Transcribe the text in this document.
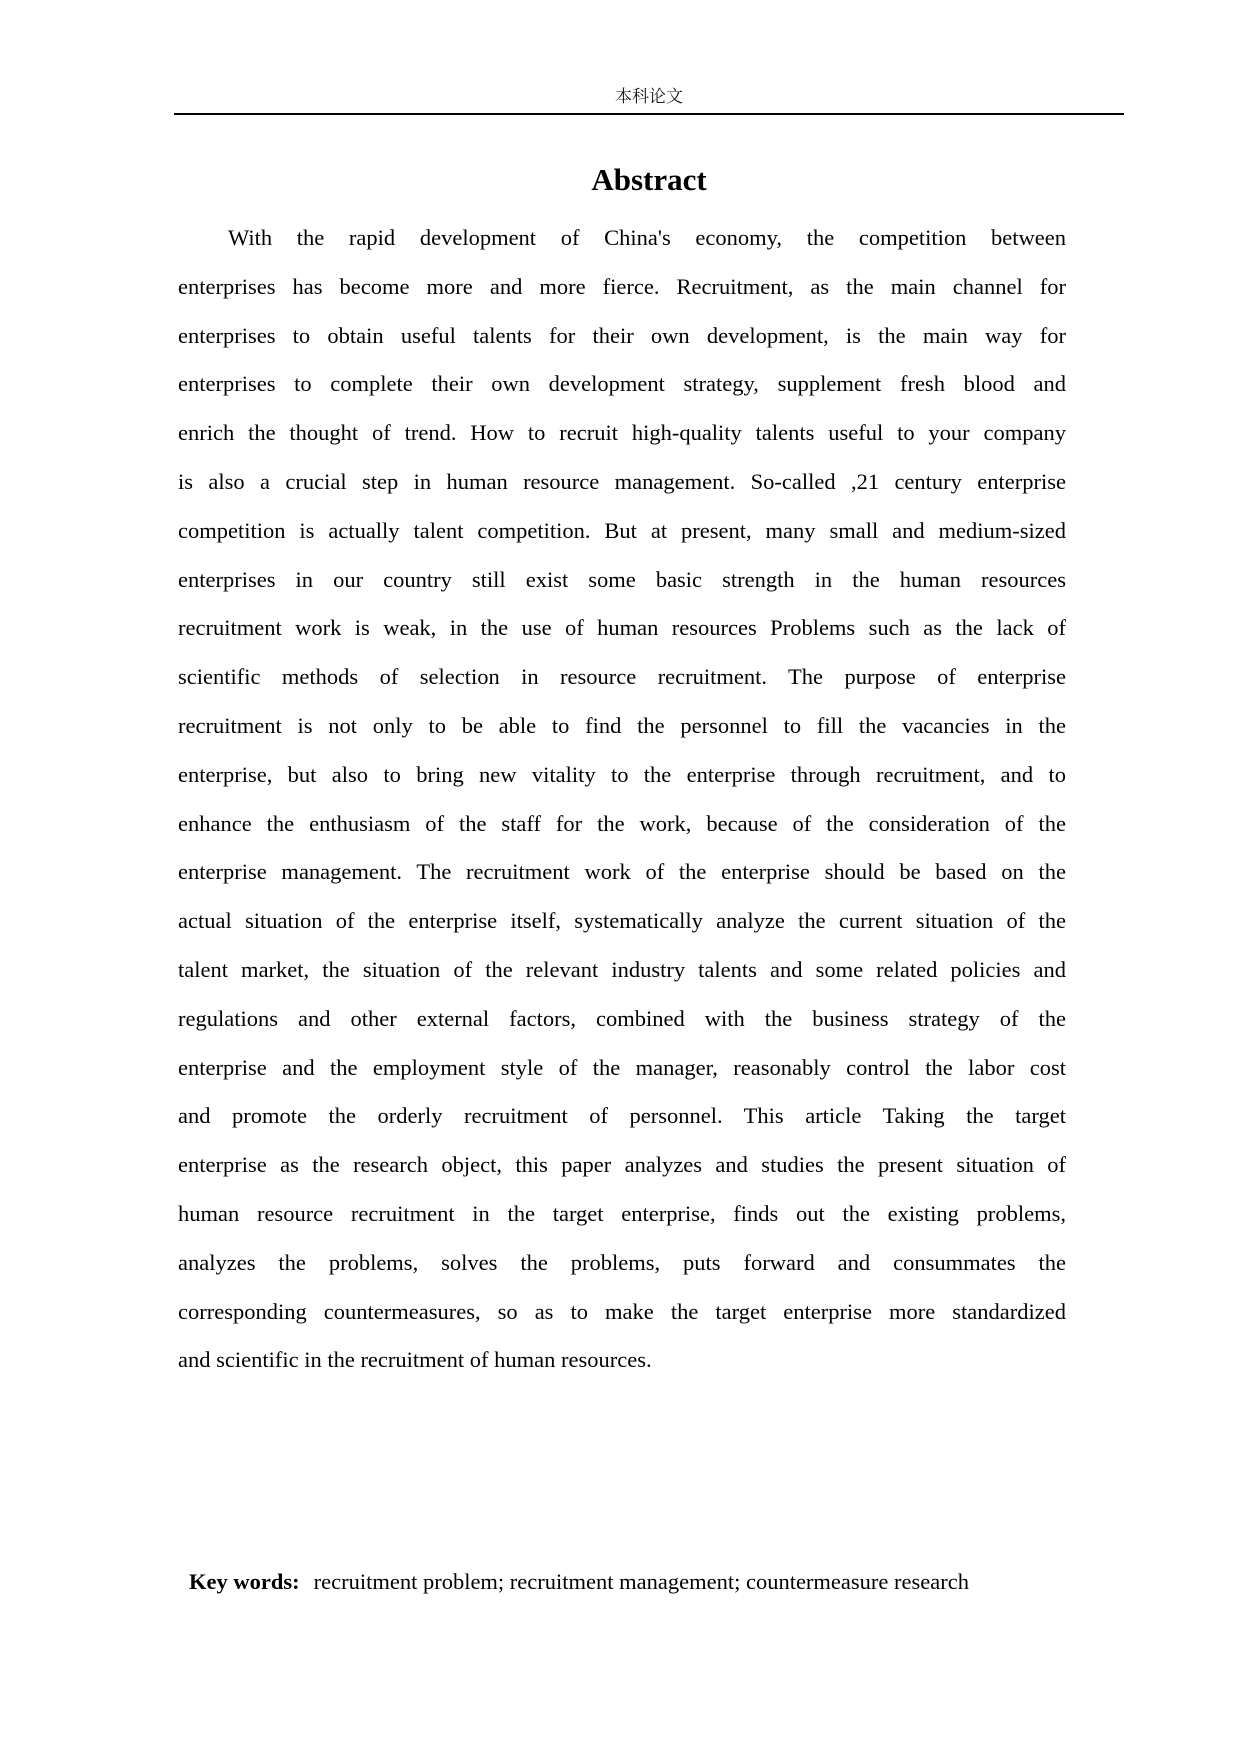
本科论文
Abstract
With the rapid development of China's economy, the competition between
enterprises has become more and more fierce. Recruitment, as the main channel for
enterprises to obtain useful talents for their own development, is the main way for
enterprises to complete their own development strategy, supplement fresh blood and
enrich the thought of trend. How to recruit high-quality talents useful to your company
is also a crucial step in human resource management. So-called ,21 century enterprise
competition is actually talent competition. But at present, many small and medium-sized
enterprises in our country still exist some basic strength in the human resources
recruitment work is weak, in the use of human resources Problems such as the lack of
scientific methods of selection in resource recruitment. The purpose of enterprise
recruitment is not only to be able to find the personnel to fill the vacancies in the
enterprise, but also to bring new vitality to the enterprise through recruitment, and to
enhance the enthusiasm of the staff for the work, because of the consideration of the
enterprise management. The recruitment work of the enterprise should be based on the
actual situation of the enterprise itself, systematically analyze the current situation of the
talent market, the situation of the relevant industry talents and some related policies and
regulations and other external factors, combined with the business strategy of the
enterprise and the employment style of the manager, reasonably control the labor cost
and promote the orderly recruitment of personnel. This article Taking the target
enterprise as the research object, this paper analyzes and studies the present situation of
human resource recruitment in the target enterprise, finds out the existing problems,
analyzes the problems, solves the problems, puts forward and consummates the
corresponding countermeasures, so as to make the target enterprise more standardized
and scientific in the recruitment of human resources.
Key words: recruitment problem; recruitment management; countermeasure research
